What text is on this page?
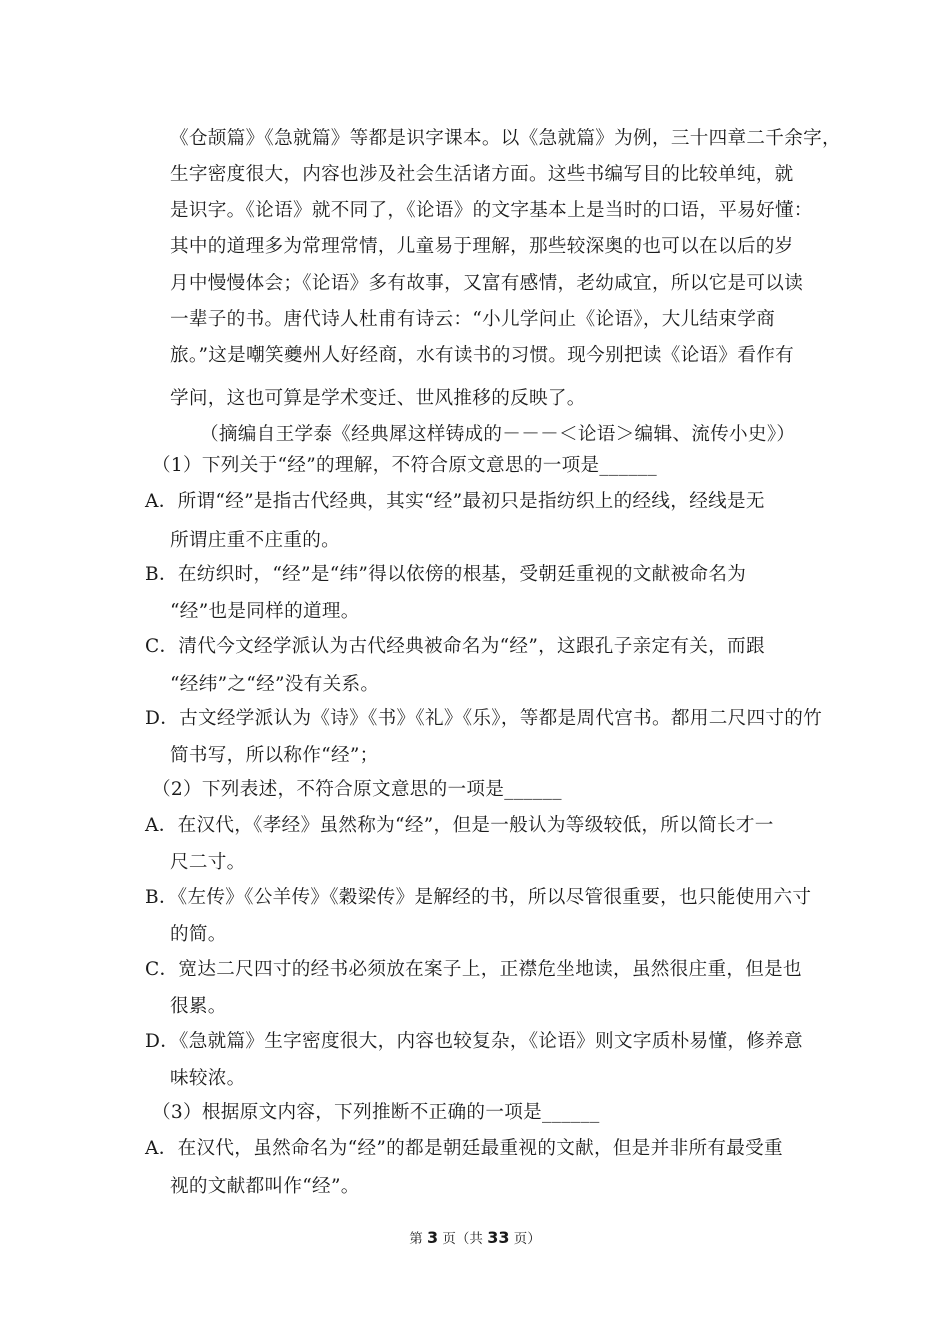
《仓颉篇》《急就篇》等都是识字课本。以《急就篇》为例，三十四章二千余字，
生字密度很大，内容也涉及社会生活诸方面。这些书编写目的比较单纯，就
是识字。《论语》就不同了，《论语》的文字基本上是当时的口语，平易好懂：
其中的道理多为常理常情，儿童易于理解，那些较深奥的也可以在以后的岁
月中慢慢体会；《论语》多有故事，又富有感情，老幼咸宜，所以它是可以读
一辈子的书。唐代诗人杜甫有诗云：“小儿学问止《论语》，大儿结束学商
旅。”这是嘲笑夔州人好经商，水有读书的习惯。现今别把读《论语》看作有
学问，这也可算是学术变迁、世风推移的反映了。
（摘编自王学泰《经典犀这样铸成的－－－＜论语＞编辑、流传小史》）
（1）下列关于“经”的理解，不符合原文意思的一项是______
A．所谓“经”是指古代经典，其实“经”最初只是指纺织上的经线，经线是无
所谓庄重不庄重的。
B．在纺织时，“经”是“纬”得以依傍的根基，受朝廷重视的文献被命名为
“经”也是同样的道理。
C．清代今文经学派认为古代经典被命名为“经”，这跟孔子亲定有关，而跟
“经纬”之“经”没有关系。
D．古文经学派认为《诗》《书》《礼》《乐》，等都是周代宫书。都用二尺四寸的竹
简书写，所以称作“经”；
（2）下列表述，不符合原文意思的一项是______
A．在汉代，《孝经》虽然称为“经”，但是一般认为等级较低，所以简长才一
尺二寸。
B．《左传》《公羊传》《穀梁传》是解经的书，所以尽管很重要，也只能使用六寸
的简。
C．宽达二尺四寸的经书必须放在案子上，正襟危坐地读，虽然很庄重，但是也
很累。
D．《急就篇》生字密度很大，内容也较复杂，《论语》则文字质朴易懂，修养意
味较浓。
（3）根据原文内容，下列推断不正确的一项是______
A．在汉代，虽然命名为“经”的都是朝廷最重视的文献，但是并非所有最受重
视的文献都叫作“经”。
第 3 页（共 33 页）
